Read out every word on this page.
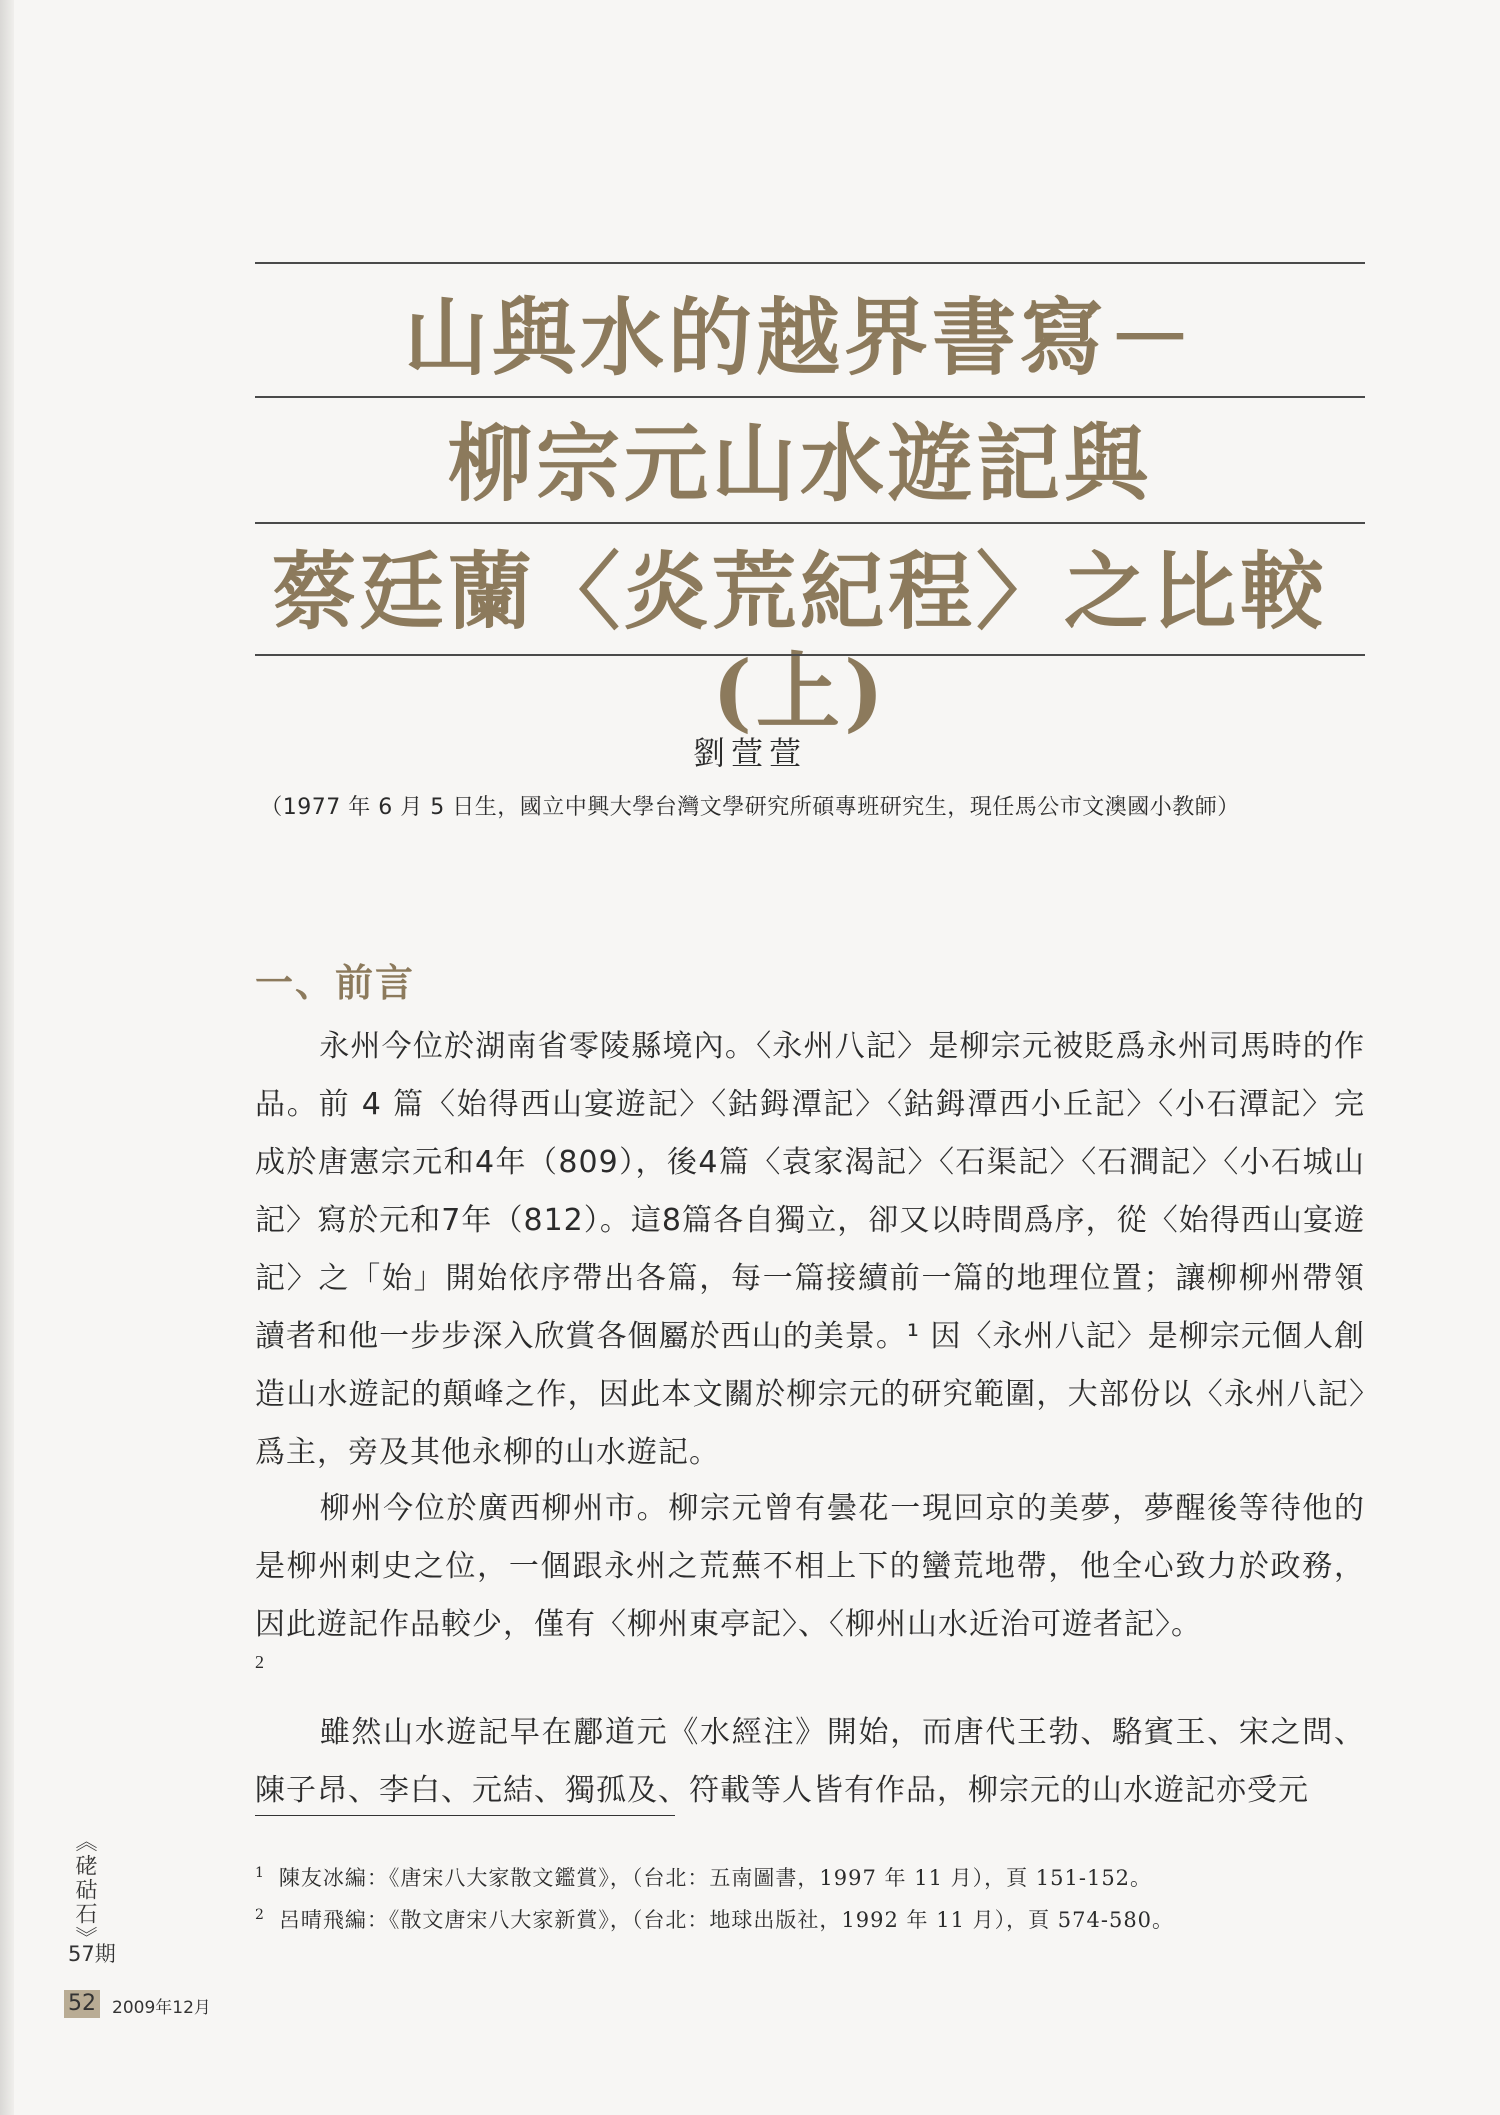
山與水的越界書寫－
柳宗元山水遊記與
蔡廷蘭〈炎荒紀程〉之比較(上)
劉萱萱
（1977 年 6 月 5 日生，國立中興大學台灣文學研究所碩專班研究生，現任馬公市文澳國小教師）
一、前言

永州今位於湖南省零陵縣境內。〈永州八記〉是柳宗元被貶爲永州司馬時的作品。前 4 篇〈始得西山宴遊記〉〈鈷鉧潭記〉〈鈷鉧潭西小丘記〉〈小石潭記〉完成於唐憲宗元和4年（809），後4篇〈袁家渴記〉〈石渠記〉〈石澗記〉〈小石城山記〉寫於元和7年（812）。這8篇各自獨立，卻又以時間爲序，從〈始得西山宴遊記〉之「始」開始依序帶出各篇，每一篇接續前一篇的地理位置；讓柳柳州帶領讀者和他一步步深入欣賞各個屬於西山的美景。¹ 因〈永州八記〉是柳宗元個人創造山水遊記的顛峰之作，因此本文關於柳宗元的研究範圍，大部份以〈永州八記〉爲主，旁及其他永柳的山水遊記。

柳州今位於廣西柳州市。柳宗元曾有曇花一現回京的美夢，夢醒後等待他的是柳州刺史之位，一個跟永州之荒蕪不相上下的蠻荒地帶，他全心致力於政務，因此遊記作品較少，僅有〈柳州東亭記〉、〈柳州山水近治可遊者記〉。

2

雖然山水遊記早在酈道元《水經注》開始，而唐代王勃、駱賓王、宋之問、陳子昂、李白、元結、獨孤及、符載等人皆有作品，柳宗元的山水遊記亦受元

$^1$ 陳友冰編：《唐宋八大家散文鑑賞》，（台北：五南圖書，1997 年 11 月），頁 151-152。
$^2$ 呂晴飛編：《散文唐宋八大家新賞》，（台北：地球出版社，1992 年 11 月），頁 574-580。
《硓𥑮石》
57期
52 2009年12月
